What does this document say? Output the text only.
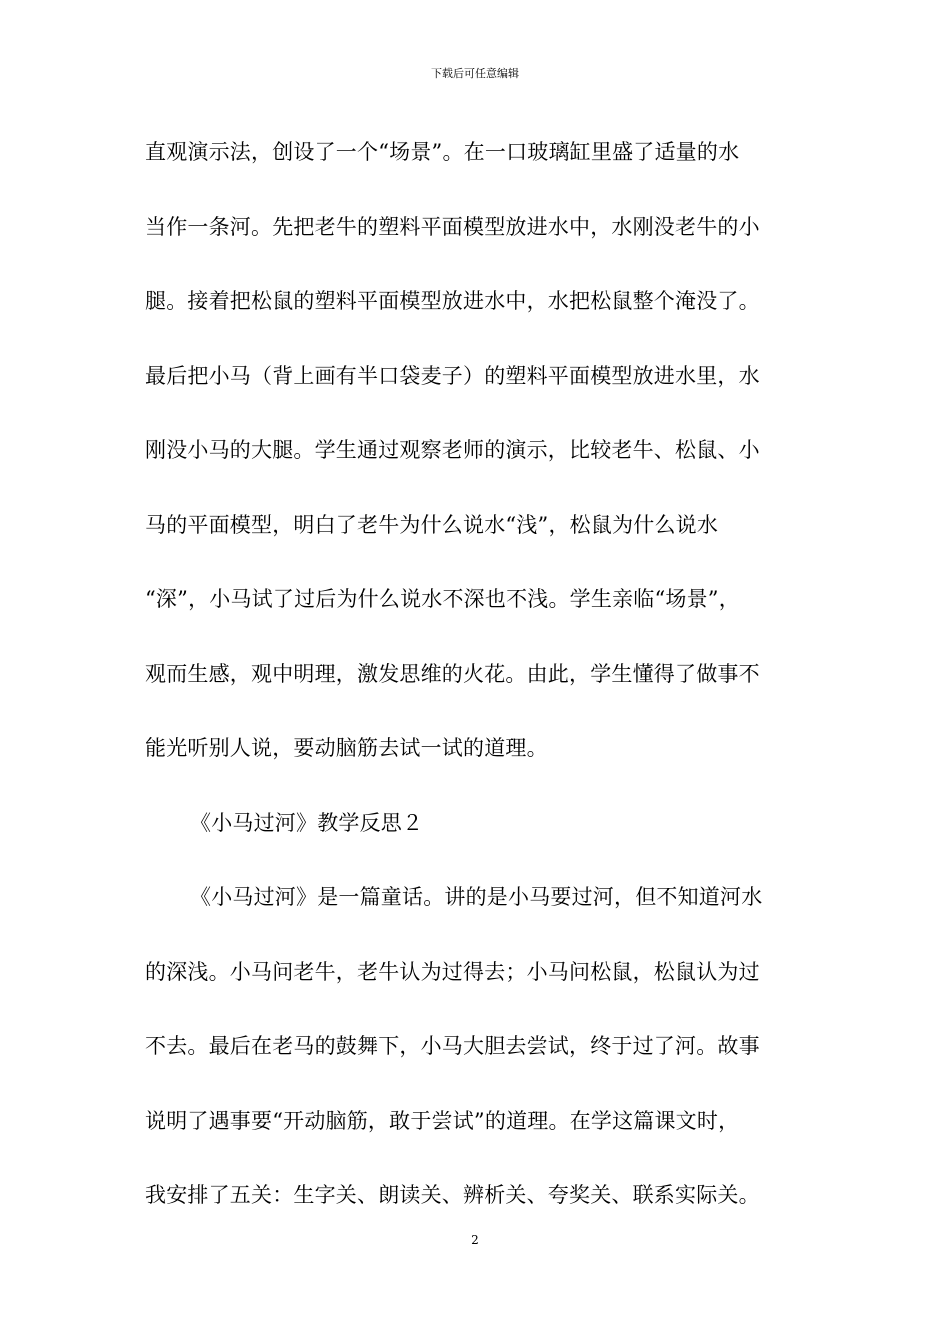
下载后可任意编辑
直观演示法，创设了一个“场景”。在一口玻璃缸里盛了适量的水
当作一条河。先把老牛的塑料平面模型放进水中，水刚没老牛的小
腿。接着把松鼠的塑料平面模型放进水中，水把松鼠整个淹没了。
最后把小马（背上画有半口袋麦子）的塑料平面模型放进水里，水
刚没小马的大腿。学生通过观察老师的演示，比较老牛、松鼠、小
马的平面模型，明白了老牛为什么说水“浅”，松鼠为什么说水
“深”，小马试了过后为什么说水不深也不浅。学生亲临“场景”，
观而生感，观中明理，激发思维的火花。由此，学生懂得了做事不
能光听别人说，要动脑筋去试一试的道理。
《小马过河》教学反思２
《小马过河》是一篇童话。讲的是小马要过河，但不知道河水
的深浅。小马问老牛，老牛认为过得去；小马问松鼠，松鼠认为过
不去。最后在老马的鼓舞下，小马大胆去尝试，终于过了河。故事
说明了遇事要“开动脑筋，敢于尝试”的道理。在学这篇课文时，
我安排了五关：生字关、朗读关、辨析关、夸奖关、联系实际关。
2
